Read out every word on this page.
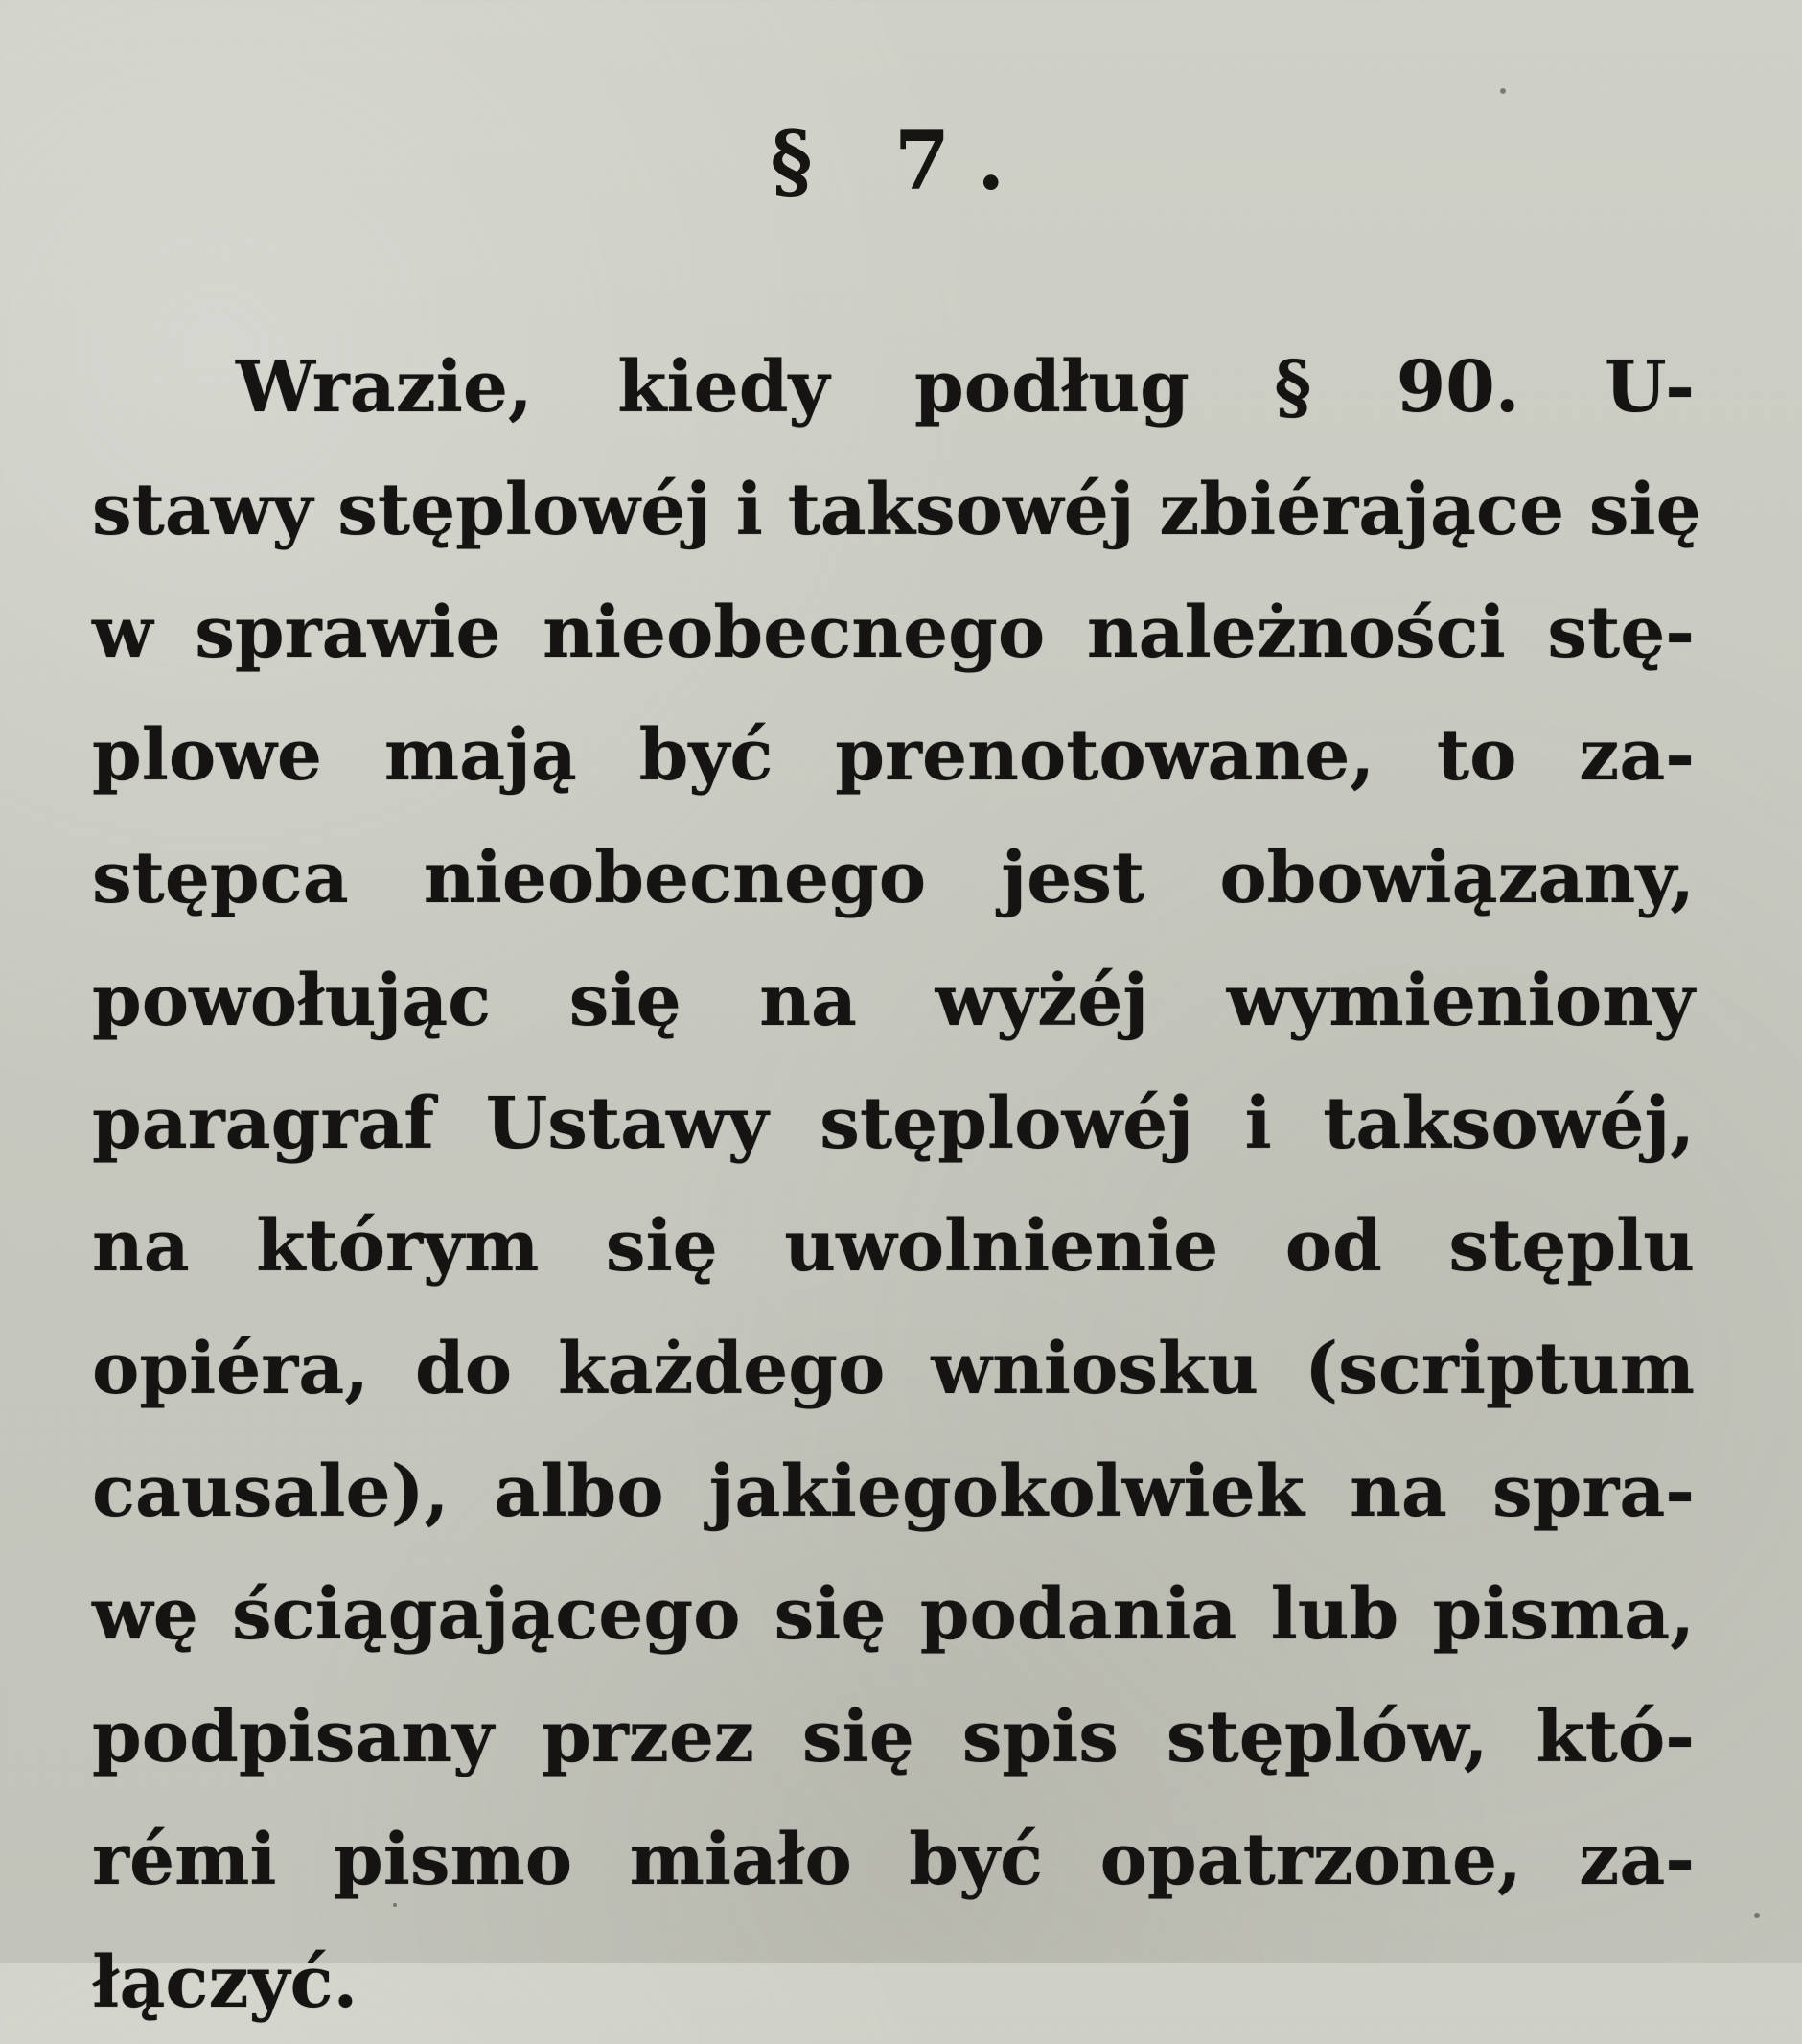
§ 7.
Wrazie, kiedy podług § 90. U-
stawy stęplowéj i taksowéj zbiérające się
w sprawie nieobecnego należności stę-
plowe mają być prenotowane, to za-
stępca nieobecnego jest obowiązany,
powołując się na wyżéj wymieniony
paragraf Ustawy stęplowéj i taksowéj,
na którym się uwolnienie od stęplu
opiéra, do każdego wniosku (scriptum
causale), albo jakiegokolwiek na spra-
wę ściągającego się podania lub pisma,
podpisany przez się spis stęplów, któ-
rémi pismo miało być opatrzone, za-
łączyć.
